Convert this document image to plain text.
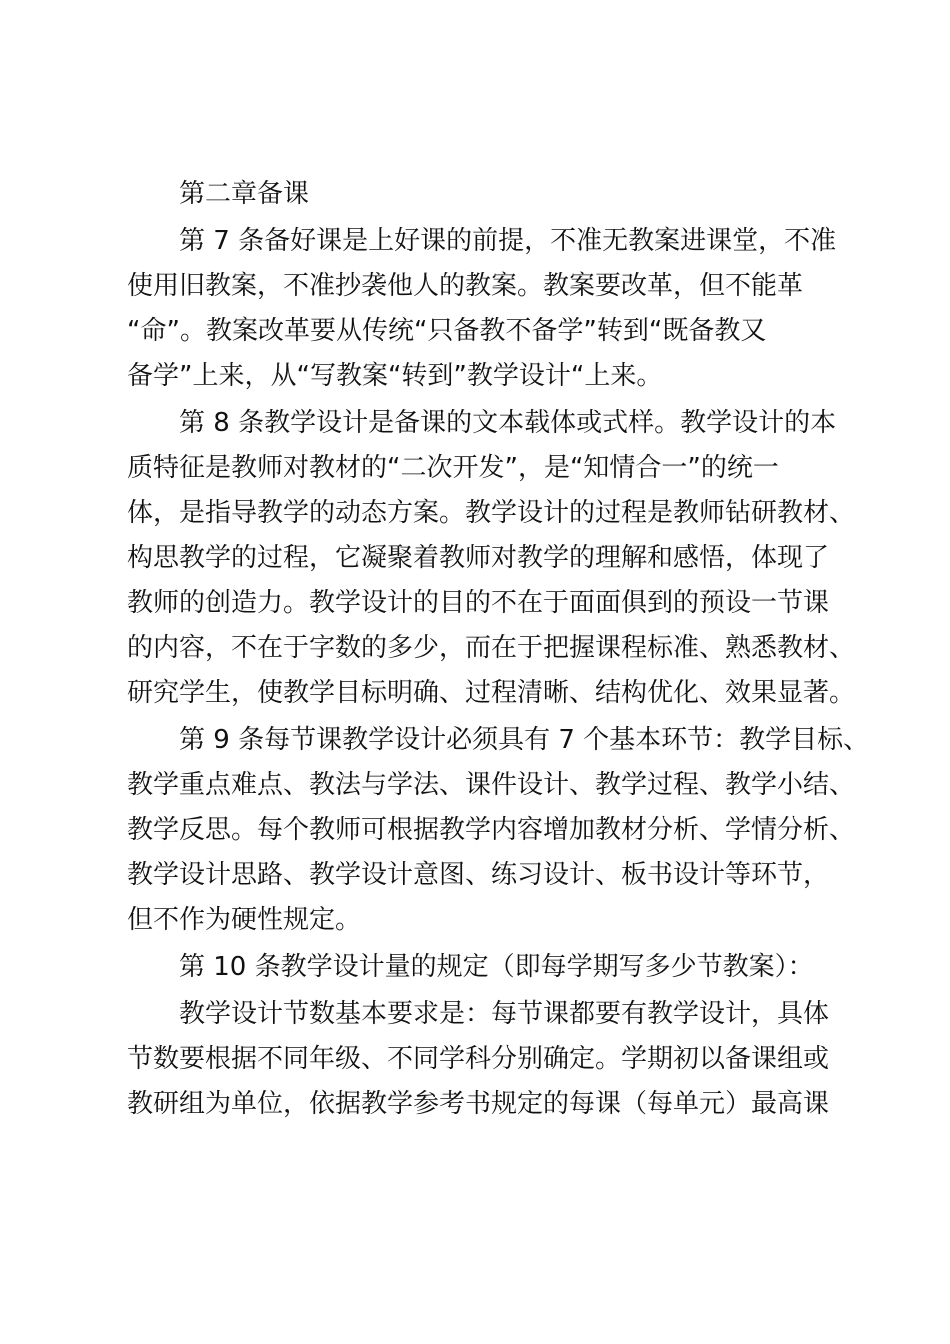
第二章备课
第 7 条备好课是上好课的前提，不准无教案进课堂，不准
使用旧教案，不准抄袭他人的教案。教案要改革，但不能革
“命”。教案改革要从传统“只备教不备学”转到“既备教又
备学”上来，从“写教案“转到”教学设计“上来。
第 8 条教学设计是备课的文本载体或式样。教学设计的本
质特征是教师对教材的“二次开发”，是“知情合一”的统一
体，是指导教学的动态方案。教学设计的过程是教师钻研教材、
构思教学的过程，它凝聚着教师对教学的理解和感悟，体现了
教师的创造力。教学设计的目的不在于面面俱到的预设一节课
的内容，不在于字数的多少，而在于把握课程标准、熟悉教材、
研究学生，使教学目标明确、过程清晰、结构优化、效果显著。
第 9 条每节课教学设计必须具有 7 个基本环节：教学目标、
教学重点难点、教法与学法、课件设计、教学过程、教学小结、
教学反思。每个教师可根据教学内容增加教材分析、学情分析、
教学设计思路、教学设计意图、练习设计、板书设计等环节，
但不作为硬性规定。
第 10 条教学设计量的规定（即每学期写多少节教案）：
教学设计节数基本要求是：每节课都要有教学设计，具体
节数要根据不同年级、不同学科分别确定。学期初以备课组或
教研组为单位，依据教学参考书规定的每课（每单元）最高课
